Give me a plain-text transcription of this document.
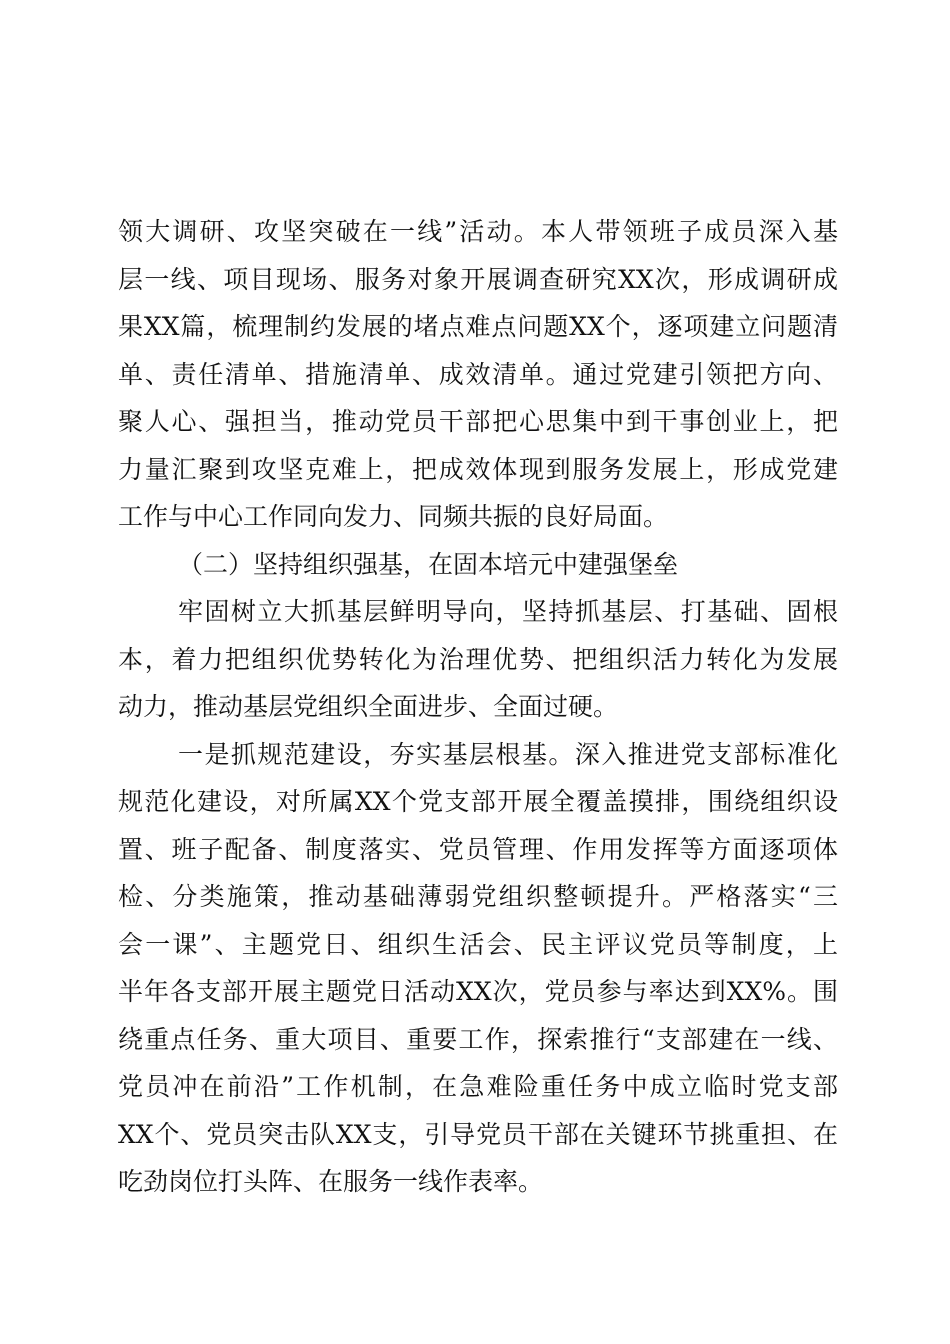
领大调研、攻坚突破在一线”活动。本人带领班子成员深入基
层一线、项目现场、服务对象开展调查研究XX次，形成调研成
果XX篇，梳理制约发展的堵点难点问题XX个，逐项建立问题清
单、责任清单、措施清单、成效清单。通过党建引领把方向、
聚人心、强担当，推动党员干部把心思集中到干事创业上，把
力量汇聚到攻坚克难上，把成效体现到服务发展上，形成党建
工作与中心工作同向发力、同频共振的良好局面。
（二）坚持组织强基，在固本培元中建强堡垒
牢固树立大抓基层鲜明导向，坚持抓基层、打基础、固根
本，着力把组织优势转化为治理优势、把组织活力转化为发展
动力，推动基层党组织全面进步、全面过硬。
一是抓规范建设，夯实基层根基。深入推进党支部标准化
规范化建设，对所属XX个党支部开展全覆盖摸排，围绕组织设
置、班子配备、制度落实、党员管理、作用发挥等方面逐项体
检、分类施策，推动基础薄弱党组织整顿提升。严格落实“三
会一课”、主题党日、组织生活会、民主评议党员等制度，上
半年各支部开展主题党日活动XX次，党员参与率达到XX%。围
绕重点任务、重大项目、重要工作，探索推行“支部建在一线、
党员冲在前沿”工作机制，在急难险重任务中成立临时党支部
XX个、党员突击队XX支，引导党员干部在关键环节挑重担、在
吃劲岗位打头阵、在服务一线作表率。
